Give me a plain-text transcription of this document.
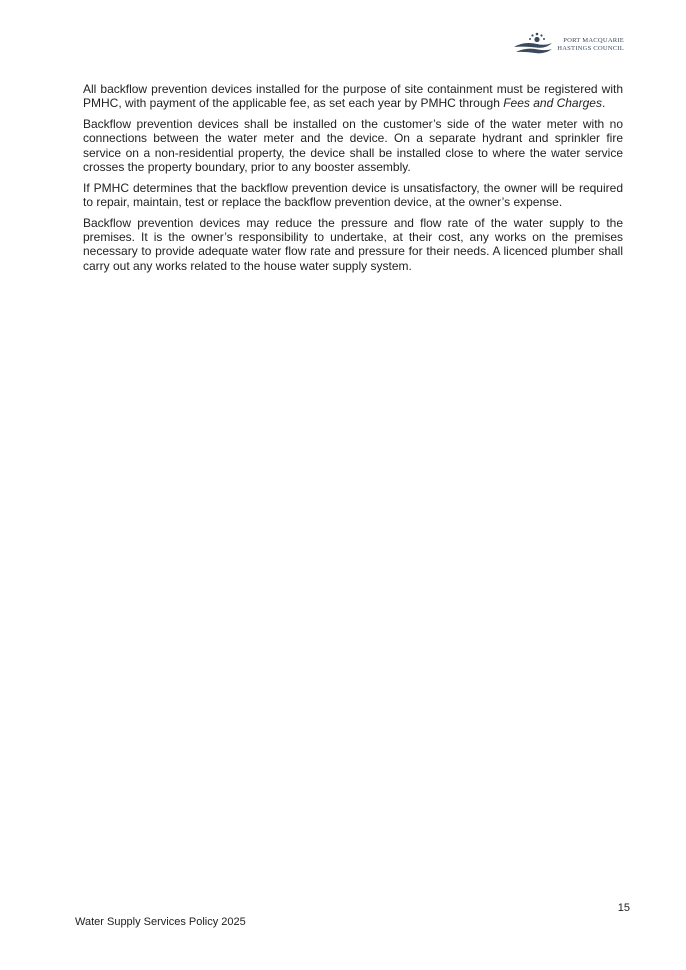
PORT MACQUARIE
HASTINGS COUNCIL

All backflow prevention devices installed for the purpose of site containment must be registered with PMHC, with payment of the applicable fee, as set each year by PMHC through Fees and Charges.

Backflow prevention devices shall be installed on the customer’s side of the water meter with no connections between the water meter and the device. On a separate hydrant and sprinkler fire service on a non-residential property, the device shall be installed close to where the water service crosses the property boundary, prior to any booster assembly.

If PMHC determines that the backflow prevention device is unsatisfactory, the owner will be required to repair, maintain, test or replace the backflow prevention device, at the owner’s expense.

Backflow prevention devices may reduce the pressure and flow rate of the water supply to the premises. It is the owner’s responsibility to undertake, at their cost, any works on the premises necessary to provide adequate water flow rate and pressure for their needs. A licenced plumber shall carry out any works related to the house water supply system.

15
Water Supply Services Policy 2025
